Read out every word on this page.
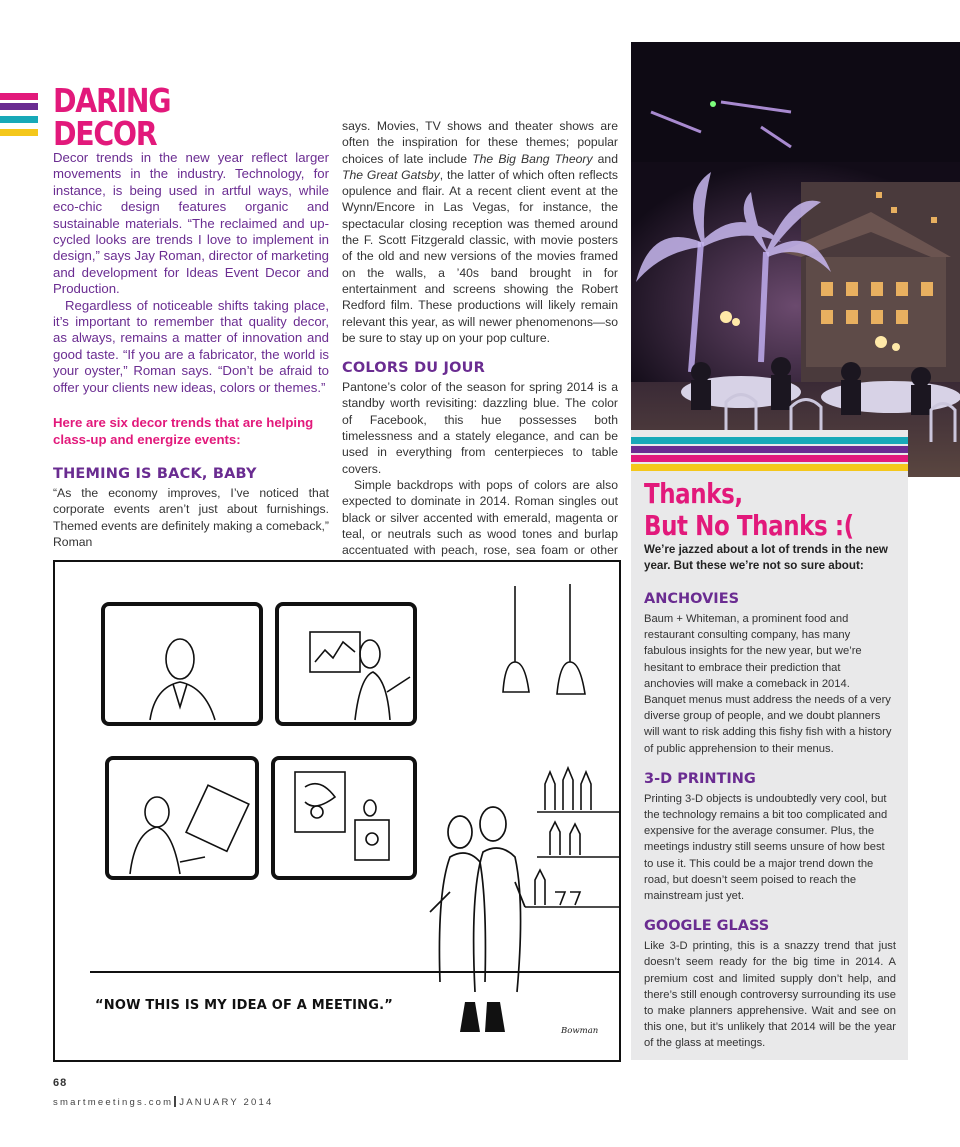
DARING
DECOR

Decor trends in the new year reflect larger movements in the industry. Technology, for instance, is being used in artful ways, while eco-chic design features organic and sustainable materials. “The reclaimed and up-cycled looks are trends I love to implement in design,” says Jay Roman, director of marketing and development for Ideas Event Decor and Production.

Regardless of noticeable shifts taking place, it’s important to remember that quality decor, as always, remains a matter of innovation and good taste. “If you are a fabricator, the world is your oyster,” Roman says. “Don’t be afraid to offer your clients new ideas, colors or themes.”

Here are six decor trends that are helping class-up and energize events:

THEMING IS BACK, BABY

“As the economy improves, I’ve noticed that corporate events aren’t just about furnishings. Themed events are definitely making a comeback,” Roman

says. Movies, TV shows and theater shows are often the inspiration for these themes; popular choices of late include The Big Bang Theory and The Great Gatsby, the latter of which often reflects opulence and flair. At a recent client event at the Wynn/Encore in Las Vegas, for instance, the spectacular closing reception was themed around the F. Scott Fitzgerald classic, with movie posters of the old and new versions of the movies framed on the walls, a ’40s band brought in for entertainment and screens showing the Robert Redford film. These productions will likely remain relevant this year, as will newer phenomenons—so be sure to stay up on your pop culture.

COLORS DU JOUR

Pantone’s color of the season for spring 2014 is a standby worth revisiting: dazzling blue. The color of Facebook, this hue possesses both timelessness and a stately elegance, and can be used in everything from centerpieces to table covers.

Simple backdrops with pops of colors are also expected to dominate in 2014. Roman singles out black or silver accented with emerald, magenta or teal, or neutrals such as wood tones and burlap accentuated with peach, rose, sea foam or other

Thanks,
But No Thanks :(

We’re jazzed about a lot of trends in the new year. But these we’re not so sure about:

ANCHOVIES

Baum + Whiteman, a prominent food and restaurant consulting company, has many fabulous insights for the new year, but we’re hesitant to embrace their prediction that anchovies will make a comeback in 2014. Banquet menus must address the needs of a very diverse group of people, and we doubt planners will want to risk adding this fishy fish with a history of public apprehension to their menus.

3-D PRINTING

Printing 3-D objects is undoubtedly very cool, but the technology remains a bit too complicated and expensive for the average consumer. Plus, the meetings industry still seems unsure of how best to use it. This could be a major trend down the road, but doesn’t seem poised to reach the mainstream just yet.

GOOGLE GLASS

Like 3-D printing, this is a snazzy trend that just doesn’t seem ready for the big time in 2014. A premium cost and limited supply don’t help, and there’s still enough controversy surrounding its use to make planners apprehensive. Wait and see on this one, but it’s unlikely that 2014 will be the year of the glass at meetings.

“NOW THIS IS MY IDEA OF A MEETING.”
Bowman
68
smartmeetings.com JANUARY 2014
